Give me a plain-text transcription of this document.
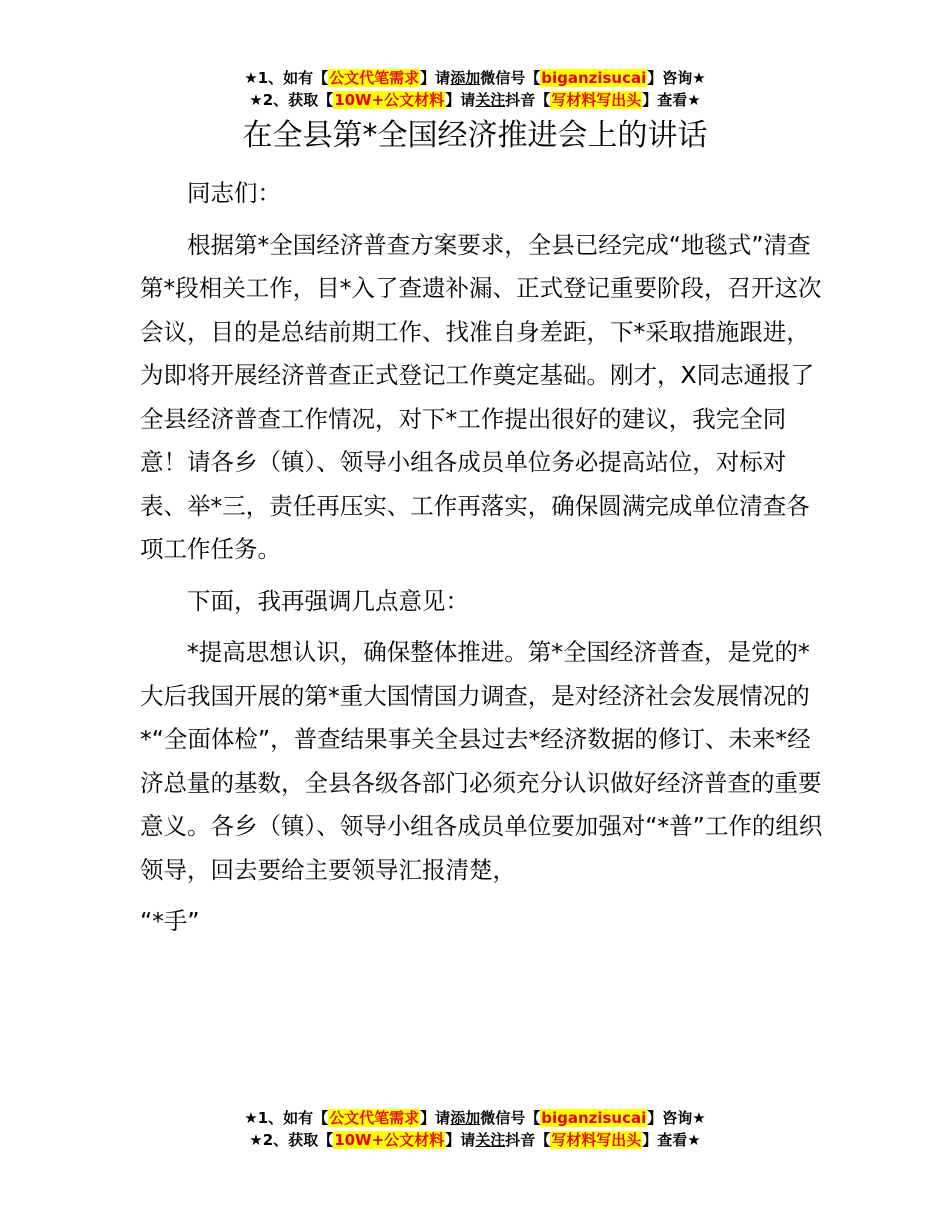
★1、如有【公文代笔需求】请添加微信号【biganzisucai】咨询★
★2、获取【10W+公文材料】请关注抖音【写材料写出头】查看★
在全县第*全国经济推进会上的讲话

同志们：

根据第*全国经济普查方案要求，全县已经完成“地毯式”清查第*段相关工作，目*入了查遗补漏、正式登记重要阶段，召开这次会议，目的是总结前期工作、找准自身差距，下*采取措施跟进，为即将开展经济普查正式登记工作奠定基础。刚才，X同志通报了全县经济普查工作情况，对下*工作提出很好的建议，我完全同意！请各乡（镇）、领导小组各成员单位务必提高站位，对标对表、举*三，责任再压实、工作再落实，确保圆满完成单位清查各项工作任务。

下面，我再强调几点意见：

*提高思想认识，确保整体推进。第*全国经济普查，是党的*大后我国开展的第*重大国情国力调查，是对经济社会发展情况的*“全面体检”，普查结果事关全县过去*经济数据的修订、未来*经济总量的基数，全县各级各部门必须充分认识做好经济普查的重要意义。各乡（镇）、领导小组各成员单位要加强对“*普”工作的组织领导，回去要给主要领导汇报清楚，

“*手”

★1、如有【公文代笔需求】请添加微信号【biganzisucai】咨询★
★2、获取【10W+公文材料】请关注抖音【写材料写出头】查看★
